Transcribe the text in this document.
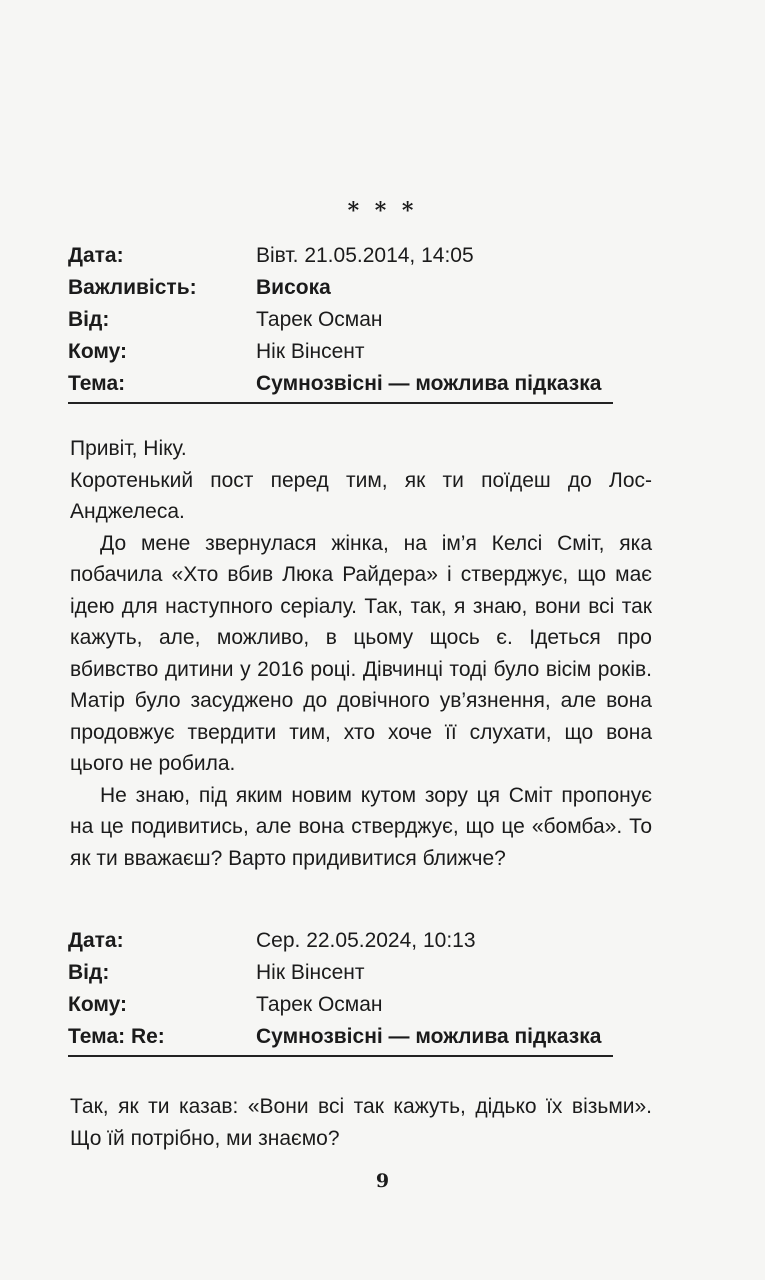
* * *
Дата:	Вівт. 21.05.2014, 14:05
Важливість:	Висока
Від:	Тарек Осман
Кому:	Нік Вінсент
Тема:	Сумнозвісні — можлива підказка

Привіт, Ніку.

Коротенький пост перед тим, як ти поїдеш до Лос-Анджелеса.

До мене звернулася жінка, на ім’я Келсі Сміт, яка побачила «Хто вбив Люка Райдера» і стверджує, що має ідею для наступного серіалу. Так, так, я знаю, вони всі так кажуть, але, можливо, в цьому щось є. Ідеться про вбивство дитини у 2016 році. Дівчинці тоді було вісім років. Матір було засуджено до довічного ув’язнення, але вона продовжує твердити тим, хто хоче її слухати, що вона цього не робила.

Не знаю, під яким новим кутом зору ця Сміт пропонує на це подивитись, але вона стверджує, що це «бомба». То як ти вважаєш? Варто придивитися ближче?

Дата:	Сер. 22.05.2024, 10:13
Від:	Нік Вінсент
Кому:	Тарек Осман
Тема: Re:	Сумнозвісні — можлива підказка

Так, як ти казав: «Вони всі так кажуть, дідько їх візьми». Що їй потрібно, ми знаємо?

9
